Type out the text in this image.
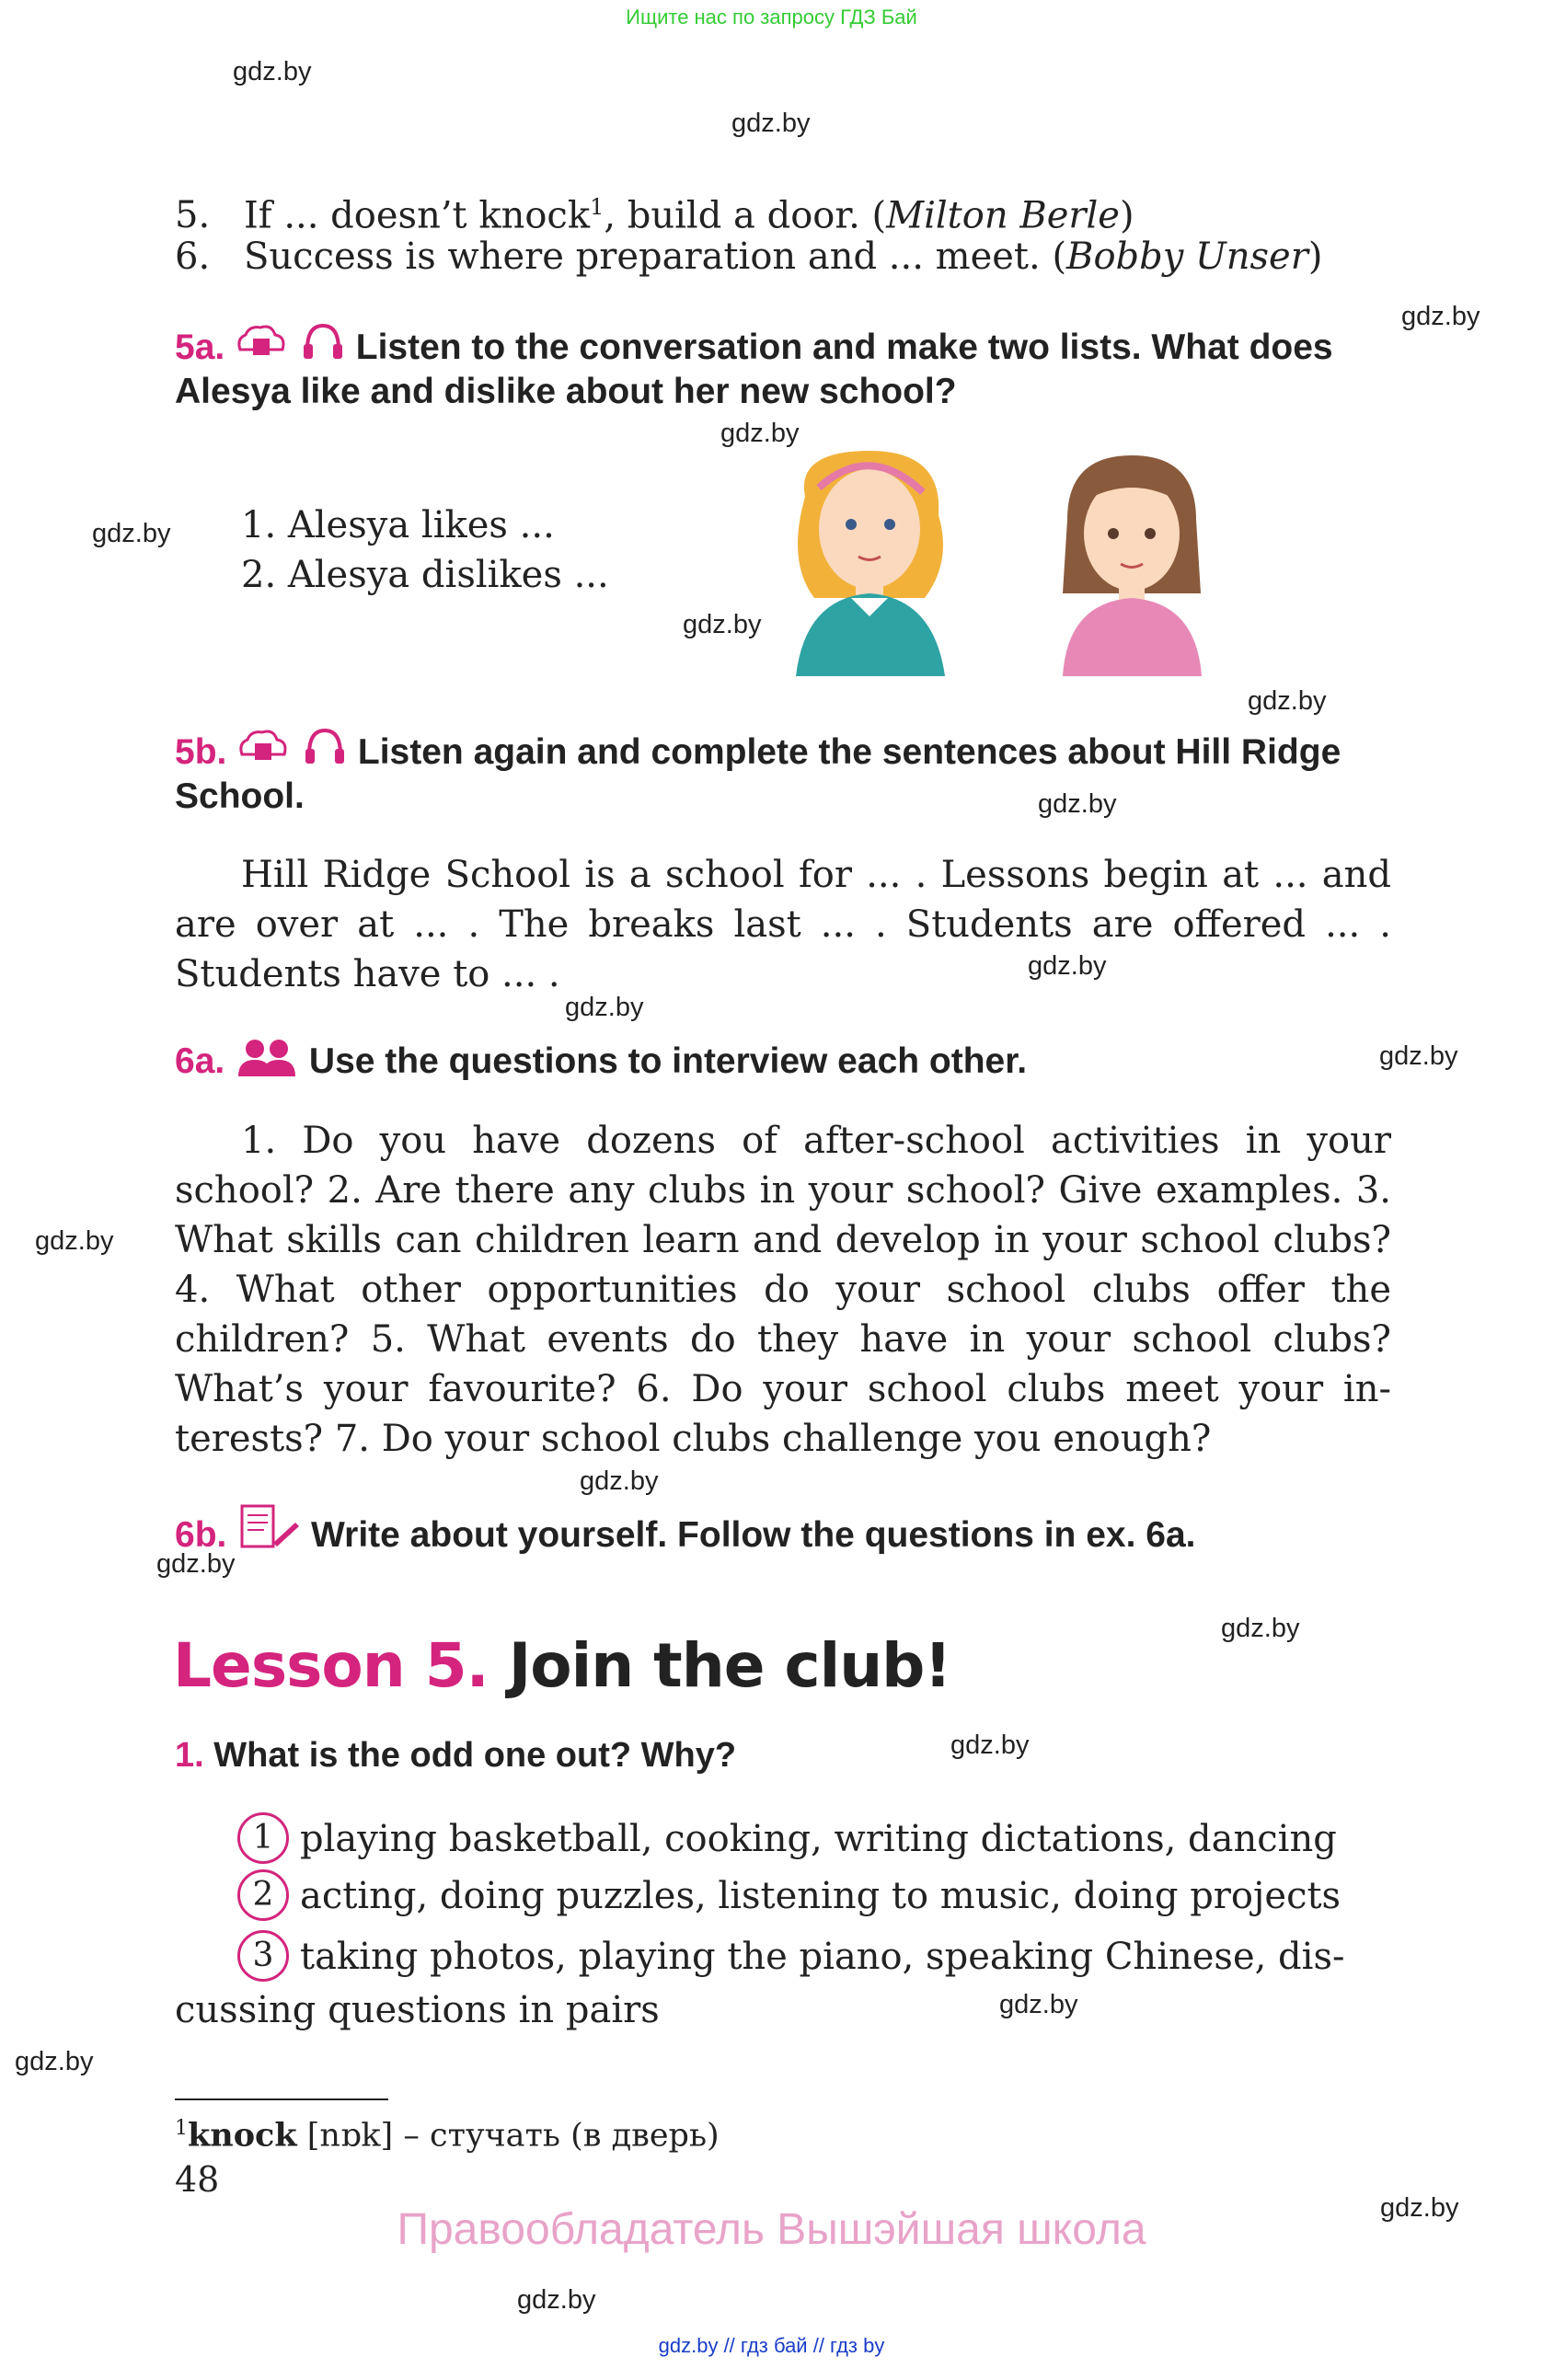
Ищите нас по запросу ГДЗ Бай
gdz.by
gdz.by
gdz.by
gdz.by
gdz.by
gdz.by
gdz.by
gdz.by
gdz.by
gdz.by
gdz.by
gdz.by
gdz.by
gdz.by
gdz.by
gdz.by
gdz.by
gdz.by
gdz.by
gdz.by
5. If ... doesn’t knock$^1$, build a door. (Milton Berle)
6. Success is where preparation and ... meet. (Bobby Unser)
5a.	Listen to the conversation and make two lists. What does Alesya like and dislike about her new school?
1. Alesya likes ...
2. Alesya dislikes ...
5b.	Listen again and complete the sentences about Hill Ridge School.
Hill Ridge School is a school for ... . Lessons begin at ... and are over at ... . The breaks last ... . Students are offered ... . Students have to ... .
6a. Use the questions to interview each other.
1. Do you have dozens of after-school activities in your school? 2. Are there any clubs in your school? Give examples. 3. What skills can children learn and develop in your school clubs? 4. What other opportunities do your school clubs offer the children? 5. What events do they have in your school clubs? What’s your favourite? 6. Do your school clubs meet your in-terests? 7. Do your school clubs challenge you enough?
6b. Write about yourself. Follow the questions in ex. 6a.
Lesson 5. Join the club!
1. What is the odd one out? Why?
1 playing basketball, cooking, writing dictations, dancing
2 acting, doing puzzles, listening to music, doing projects
3 taking photos, playing the piano, speaking Chinese, dis-
cussing questions in pairs
$^1$knock [nɒk] – стучать (в дверь)
48
Правообладатель Вышэйшая школа
gdz.by // гдз бай // гдз by
